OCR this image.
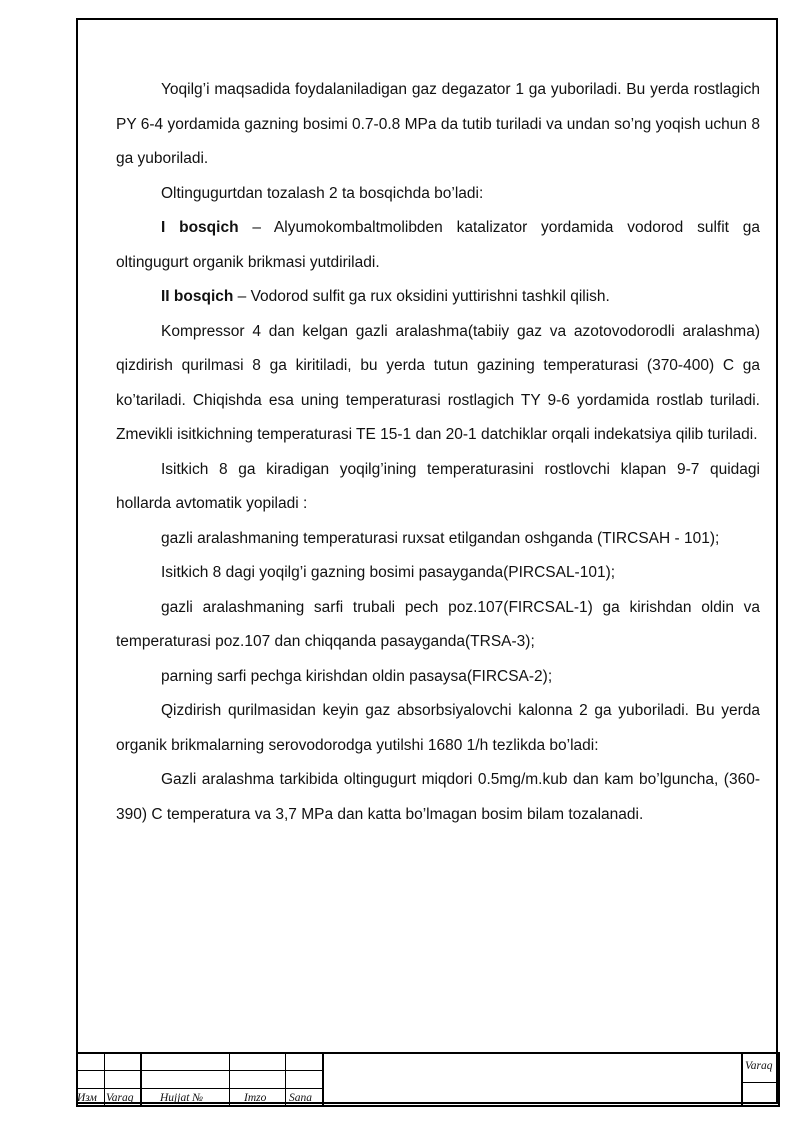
Yoqilg’i maqsadida foydalaniladigan gaz degazator 1 ga yuboriladi. Bu yerda rostlagich PY 6-4 yordamida gazning bosimi 0.7-0.8 MPa da tutib turiladi va undan so’ng yoqish uchun 8 ga yuboriladi.

Oltingugurtdan tozalash 2 ta bosqichda bo’ladi:

I bosqich – Alyumokombaltmolibden katalizator yordamida vodorod sulfit ga oltingugurt organik brikmasi yutdiriladi.

II bosqich – Vodorod sulfit ga rux oksidini yuttirishni tashkil qilish.

Kompressor 4 dan kelgan gazli aralashma(tabiiy gaz va azotovodorodli aralashma) qizdirish qurilmasi 8 ga kiritiladi, bu yerda tutun gazining temperaturasi (370-400) C ga ko’tariladi. Chiqishda esa uning temperaturasi rostlagich TY 9-6 yordamida rostlab turiladi. Zmevikli isitkichning temperaturasi TE 15-1 dan 20-1 datchiklar orqali indekatsiya qilib turiladi.

Isitkich 8 ga kiradigan yoqilg’ining temperaturasini rostlovchi klapan 9-7 quidagi hollarda avtomatik yopiladi :

gazli aralashmaning temperaturasi ruxsat etilgandan oshganda (TIRCSAH - 101);

Isitkich 8 dagi yoqilg’i gazning bosimi pasayganda(PIRCSAL-101);

gazli aralashmaning sarfi trubali pech poz.107(FIRCSAL-1) ga kirishdan oldin va temperaturasi poz.107 dan chiqqanda pasayganda(TRSA-3);

parning sarfi pechga kirishdan oldin pasaysa(FIRCSA-2);

Qizdirish qurilmasidan keyin gaz absorbsiyalovchi kalonna 2 ga yuboriladi. Bu yerda organik brikmalarning serovodorodga yutilshi 1680 1/h tezlikda bo’ladi:

Gazli aralashma tarkibida oltingugurt miqdori 0.5mg/m.kub dan kam bo’lguncha, (360-390) C temperatura va 3,7 MPa dan katta bo’lmagan bosim bilam tozalanadi.

Изм Varaq Hujjat №	Imzo Sana
Varaq
